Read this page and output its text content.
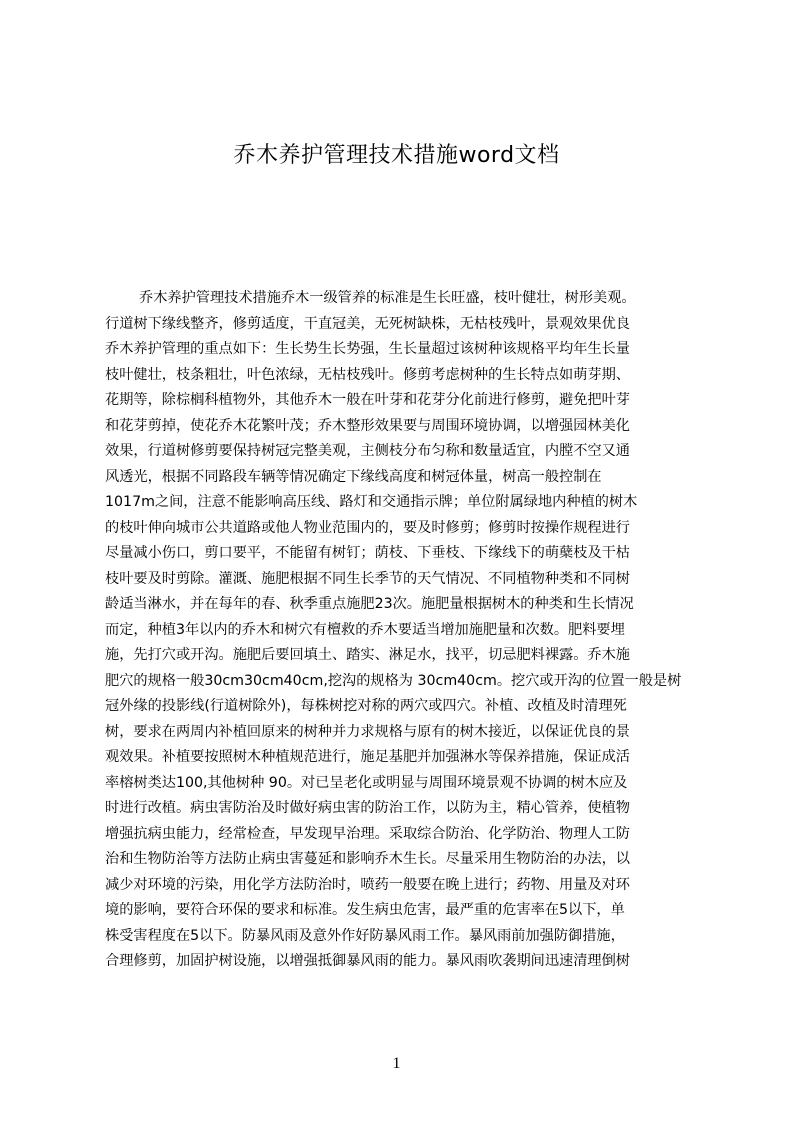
乔木养护管理技术措施word文档
乔木养护管理技术措施乔木一级管养的标准是生长旺盛，枝叶健壮，树形美观。
行道树下缘线整齐，修剪适度，干直冠美，无死树缺株，无枯枝残叶，景观效果优良
乔木养护管理的重点如下：生长势生长势强，生长量超过该树种该规格平均年生长量
枝叶健壮，枝条粗壮，叶色浓绿，无枯枝残叶。修剪考虑树种的生长特点如萌芽期、
花期等，除棕榈科植物外，其他乔木一般在叶芽和花芽分化前进行修剪，避免把叶芽
和花芽剪掉，使花乔木花繁叶茂；乔木整形效果要与周围环境协调，以增强园林美化
效果，行道树修剪要保持树冠完整美观，主侧枝分布匀称和数量适宜，内膛不空又通
风透光，根据不同路段车辆等情况确定下缘线高度和树冠体量，树高一般控制在
1017m之间，注意不能影响高压线、路灯和交通指示牌；单位附属绿地内种植的树木
的枝叶伸向城市公共道路或他人物业范围内的，要及时修剪；修剪时按操作规程进行
尽量减小伤口，剪口要平，不能留有树钉；荫枝、下垂枝、下缘线下的萌蘖枝及干枯
枝叶要及时剪除。灌溉、施肥根据不同生长季节的天气情况、不同植物种类和不同树
龄适当淋水，并在每年的春、秋季重点施肥23次。施肥量根据树木的种类和生长情况
而定，种植3年以内的乔木和树穴有檀救的乔木要适当增加施肥量和次数。肥料要埋
施，先打穴或开沟。施肥后要回填土、踏实、淋足水，找平，切忌肥料裸露。乔木施
肥穴的规格一般30cm30cm40cm,挖沟的规格为 30cm40cm。挖穴或开沟的位置一般是树
冠外缘的投影线(行道树除外)，每株树挖对称的两穴或四穴。补植、改植及时清理死
树，要求在两周内补植回原来的树种并力求规格与原有的树木接近，以保证优良的景
观效果。补植要按照树木种植规范进行，施足基肥并加强淋水等保养措施，保证成活
率榕树类达100,其他树种 90。对已呈老化或明显与周围环境景观不协调的树木应及
时进行改植。病虫害防治及时做好病虫害的防治工作，以防为主，精心管养，使植物
增强抗病虫能力，经常检查，早发现早治理。采取综合防治、化学防治、物理人工防
治和生物防治等方法防止病虫害蔓延和影响乔木生长。尽量采用生物防治的办法，以
减少对环境的污染，用化学方法防治时，喷药一般要在晚上进行；药物、用量及对环
境的影响，要符合环保的要求和标准。发生病虫危害，最严重的危害率在5以下，单
株受害程度在5以下。防暴风雨及意外作好防暴风雨工作。暴风雨前加强防御措施，
合理修剪，加固护树设施，以增强抵御暴风雨的能力。暴风雨吹袭期间迅速清理倒树
1
